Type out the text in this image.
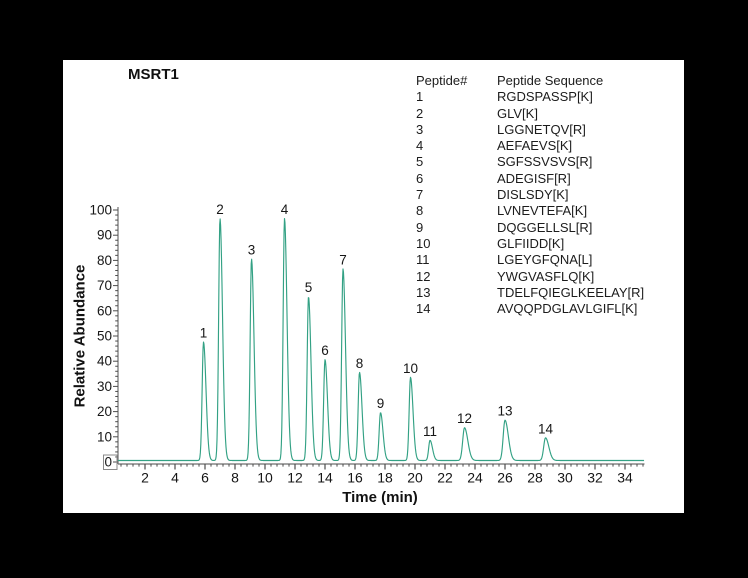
0
10
20
30
40
50
60
70
80
90
100
2 4 6 8 10 12 14 16 18 20 22 24 26 28 30 32 34
1
2
3
4
5
6
7
8
9
10
11
12
13
14
MSRT1
Relative Abundance
Time (min)
Peptide#	Peptide Sequence
1	RGDSPASSP[K]
2	GLV[K]
3	LGGNETQV[R]
4	AEFAEVS[K]
5	SGFSSVSVS[R]
6	ADEGISF[R]
7	DISLSDY[K]
8	LVNEVTEFA[K]
9	DQGGELLSL[R]
10	GLFIIDD[K]
11	LGEYGFQNA[L]
12	YWGVASFLQ[K]
13	TDELFQIEGLKEELAY[R]
14	AVQQPDGLAVLGIFL[K]
